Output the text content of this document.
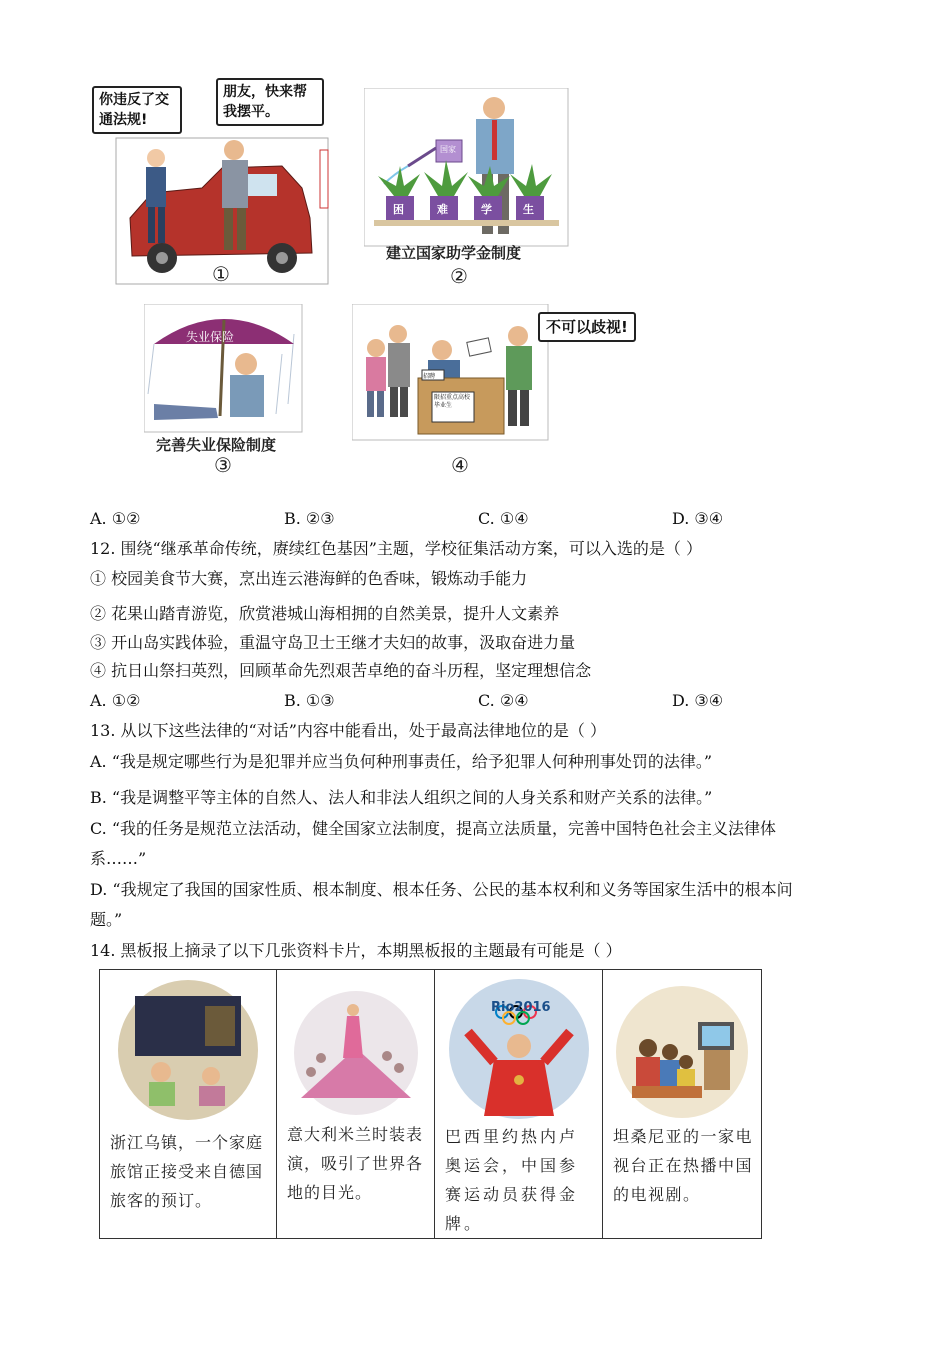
你违反了交通法规!
朋友，快来帮我摆平。
①
困	难	学	生
国家
建立国家助学金制度
②
失业保险
完善失业保险制度
③
招聘
限招重点高校毕业生
不可以歧视!
④
A. ①②	B. ②③	C. ①④	D. ③④
12. 围绕“继承革命传统，赓续红色基因”主题，学校征集活动方案，可以入选的是（ ）
① 校园美食节大赛，烹出连云港海鲜的色香味，锻炼动手能力
② 花果山踏青游览，欣赏港城山海相拥的自然美景，提升人文素养
③ 开山岛实践体验，重温守岛卫士王继才夫妇的故事，汲取奋进力量
④ 抗日山祭扫英烈，回顾革命先烈艰苦卓绝的奋斗历程，坚定理想信念
A. ①②	B. ①③	C. ②④	D. ③④
13. 从以下这些法律的“对话”内容中能看出，处于最高法律地位的是（ ）
A. “我是规定哪些行为是犯罪并应当负何种刑事责任，给予犯罪人何种刑事处罚的法律。”
B. “我是调整平等主体的自然人、法人和非法人组织之间的人身关系和财产关系的法律。”
C. “我的任务是规范立法活动，健全国家立法制度，提高立法质量，完善中国特色社会主义法律体
系……”
D. “我规定了我国的国家性质、根本制度、根本任务、公民的基本权利和义务等国家生活中的根本问
题。”
14. 黑板报上摘录了以下几张资料卡片，本期黑板报的主题最有可能是（ ）
浙江乌镇，一个家庭旅馆正接受来自德国旅客的预订。

意大利米兰时装表演，吸引了世界各地的目光。

巴西里约热内卢奥运会，中国参赛运动员获得金牌。

坦桑尼亚的一家电视台正在热播中国的电视剧。
Rio2016
